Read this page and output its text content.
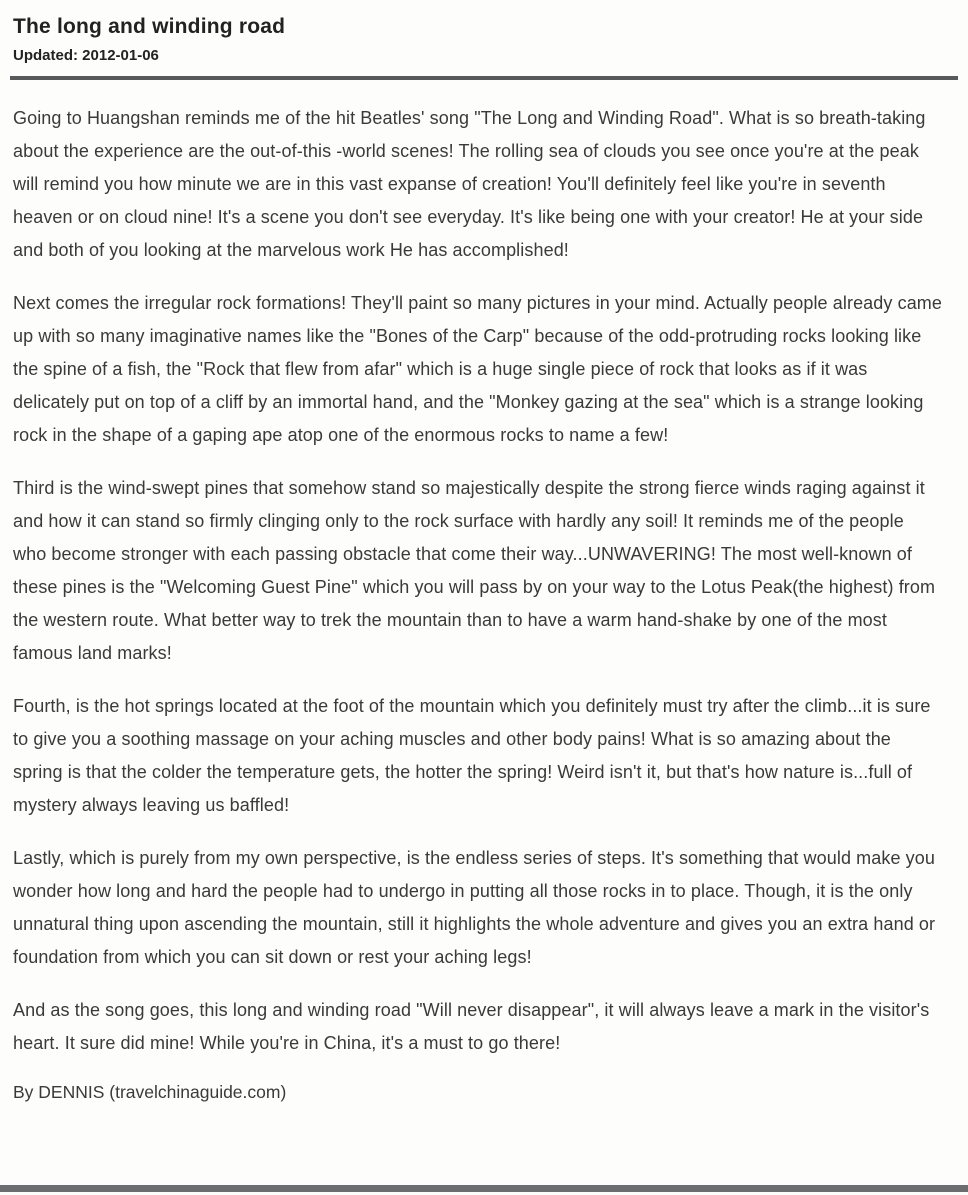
The long and winding road
Updated: 2012-01-06

Going to Huangshan reminds me of the hit Beatles' song "The Long and Winding Road". What is so breath-taking about the experience are the out-of-this -world scenes! The rolling sea of clouds you see once you're at the peak will remind you how minute we are in this vast expanse of creation! You'll definitely feel like you're in seventh heaven or on cloud nine! It's a scene you don't see everyday. It's like being one with your creator! He at your side and both of you looking at the marvelous work He has accomplished!

Next comes the irregular rock formations! They'll paint so many pictures in your mind. Actually people already came up with so many imaginative names like the "Bones of the Carp" because of the odd-protruding rocks looking like the spine of a fish, the "Rock that flew from afar" which is a huge single piece of rock that looks as if it was delicately put on top of a cliff by an immortal hand, and the "Monkey gazing at the sea" which is a strange looking rock in the shape of a gaping ape atop one of the enormous rocks to name a few!

Third is the wind-swept pines that somehow stand so majestically despite the strong fierce winds raging against it and how it can stand so firmly clinging only to the rock surface with hardly any soil! It reminds me of the people who become stronger with each passing obstacle that come their way...UNWAVERING! The most well-known of these pines is the "Welcoming Guest Pine" which you will pass by on your way to the Lotus Peak(the highest) from the western route. What better way to trek the mountain than to have a warm hand-shake by one of the most famous land marks!

Fourth, is the hot springs located at the foot of the mountain which you definitely must try after the climb...it is sure to give you a soothing massage on your aching muscles and other body pains! What is so amazing about the spring is that the colder the temperature gets, the hotter the spring! Weird isn't it, but that's how nature is...full of mystery always leaving us baffled!

Lastly, which is purely from my own perspective, is the endless series of steps. It's something that would make you wonder how long and hard the people had to undergo in putting all those rocks in to place. Though, it is the only unnatural thing upon ascending the mountain, still it highlights the whole adventure and gives you an extra hand or foundation from which you can sit down or rest your aching legs!

And as the song goes, this long and winding road "Will never disappear", it will always leave a mark in the visitor's heart. It sure did mine! While you're in China, it's a must to go there!

By DENNIS (travelchinaguide.com)
